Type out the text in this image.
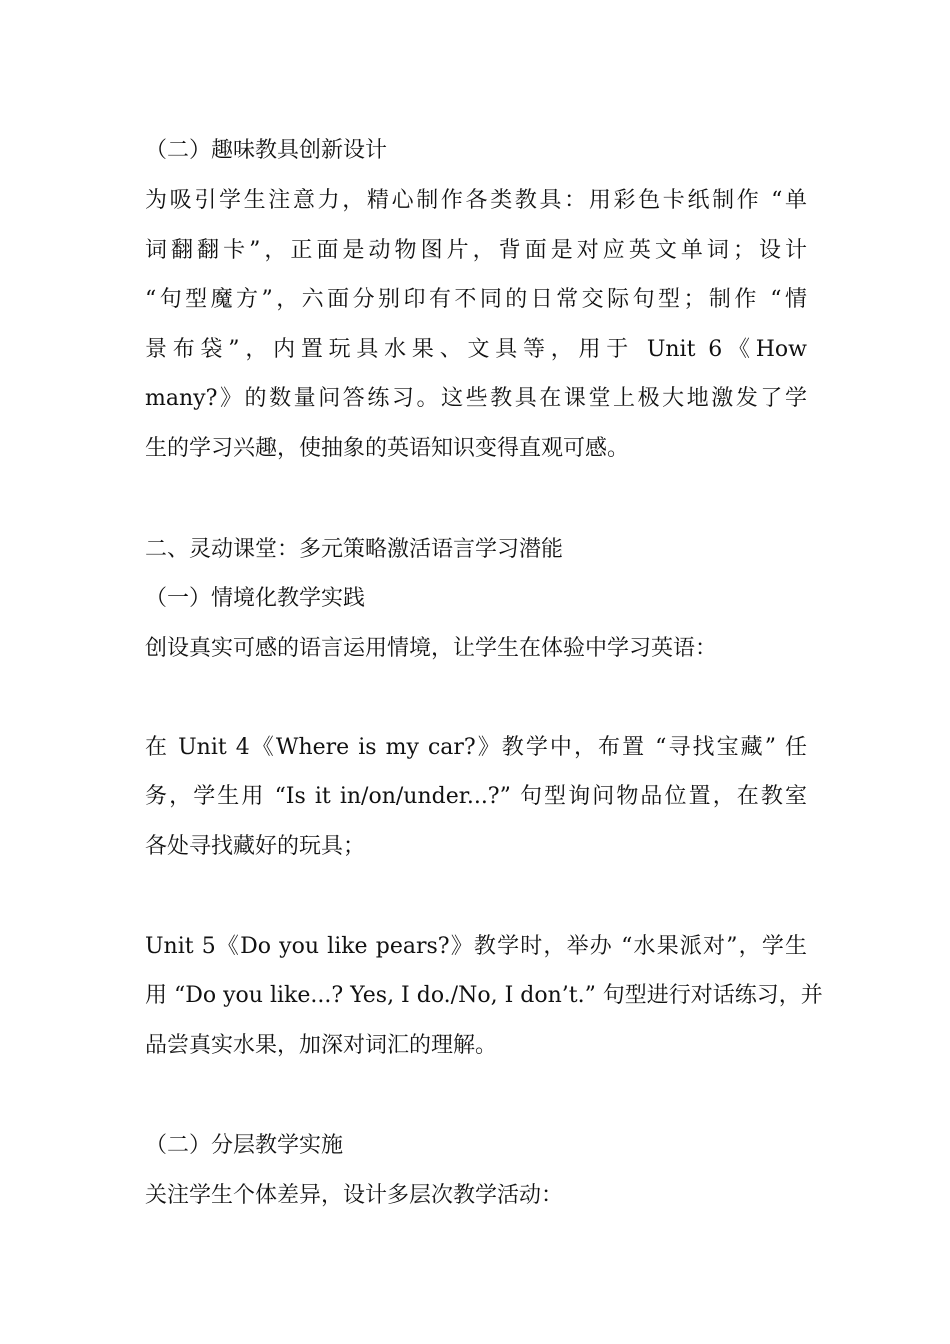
（二）趣味教具创新设计
为吸引学生注意力，精心制作各类教具：用彩色卡纸制作 “单
词翻翻卡”，正面是动物图片，背面是对应英文单词；设计
“句型魔方”，六面分别印有不同的日常交际句型；制作 “情
景布袋”，内置玩具水果、文具等，用于 Unit 6《How
many?》的数量问答练习。这些教具在课堂上极大地激发了学
生的学习兴趣，使抽象的英语知识变得直观可感。
二、灵动课堂：多元策略激活语言学习潜能
（一）情境化教学实践
创设真实可感的语言运用情境，让学生在体验中学习英语：
在 Unit 4《Where is my car?》教学中，布置 “寻找宝藏” 任
务，学生用 “Is it in/on/under...?” 句型询问物品位置，在教室
各处寻找藏好的玩具；
Unit 5《Do you like pears?》教学时，举办 “水果派对”，学生
用 “Do you like...? Yes, I do./No, I don’t.” 句型进行对话练习，并
品尝真实水果，加深对词汇的理解。
（二）分层教学实施
关注学生个体差异，设计多层次教学活动：
